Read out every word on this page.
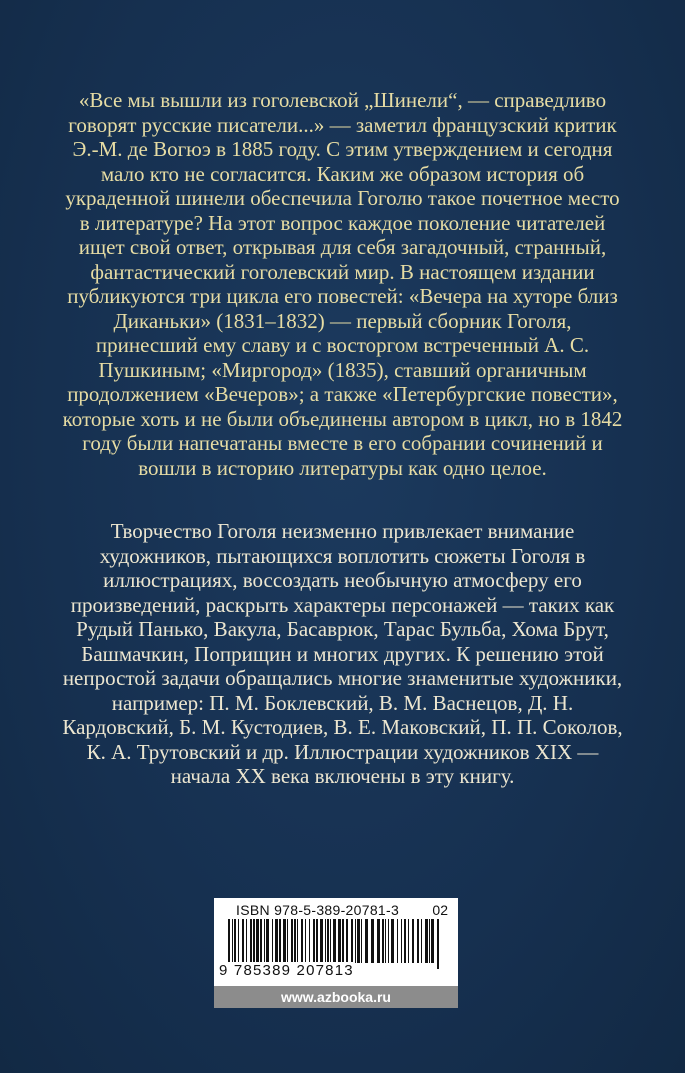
«Все мы вышли из гоголевской „Шинели“, — справедливо говорят русские писатели...» — заметил французский критик Э.-М. де Вогюэ в 1885 году. С этим утверждением и сегодня мало кто не согласится. Каким же образом история об украденной шинели обеспечила Гоголю такое почетное место в литературе? На этот вопрос каждое поколение читателей ищет свой ответ, открывая для себя загадочный, странный, фантастический гоголевский мир. В настоящем издании публикуются три цикла его повестей: «Вечера на хуторе близ Диканьки» (1831–1832) — первый сборник Гоголя, принесший ему славу и с восторгом встреченный А. С. Пушкиным; «Миргород» (1835), ставший органичным продолжением «Вечеров»; а также «Петербургские повести», которые хоть и не были объединены автором в цикл, но в 1842 году были напечатаны вместе в его собрании сочинений и вошли в историю литературы как одно целое.

Творчество Гоголя неизменно привлекает внимание художников, пытающихся воплотить сюжеты Гоголя в иллюстрациях, воссоздать необычную атмосферу его произведений, раскрыть характеры персонажей — таких как Рудый Панько, Вакула, Басаврюк, Тарас Бульба, Хома Брут, Башмачкин, Поприщин и многих других. К решению этой непростой задачи обращались многие знаменитые художники, например: П. М. Боклевский, В. М. Васнецов, Д. Н. Кардовский, Б. М. Кустодиев, В. Е. Маковский, П. П. Соколов, К. А. Трутовский и др. Иллюстрации художников XIX — начала XX века включены в эту книгу.

ISBN 978-5-389-20781-3 02
9 785389 207813
www.azbooka.ru
